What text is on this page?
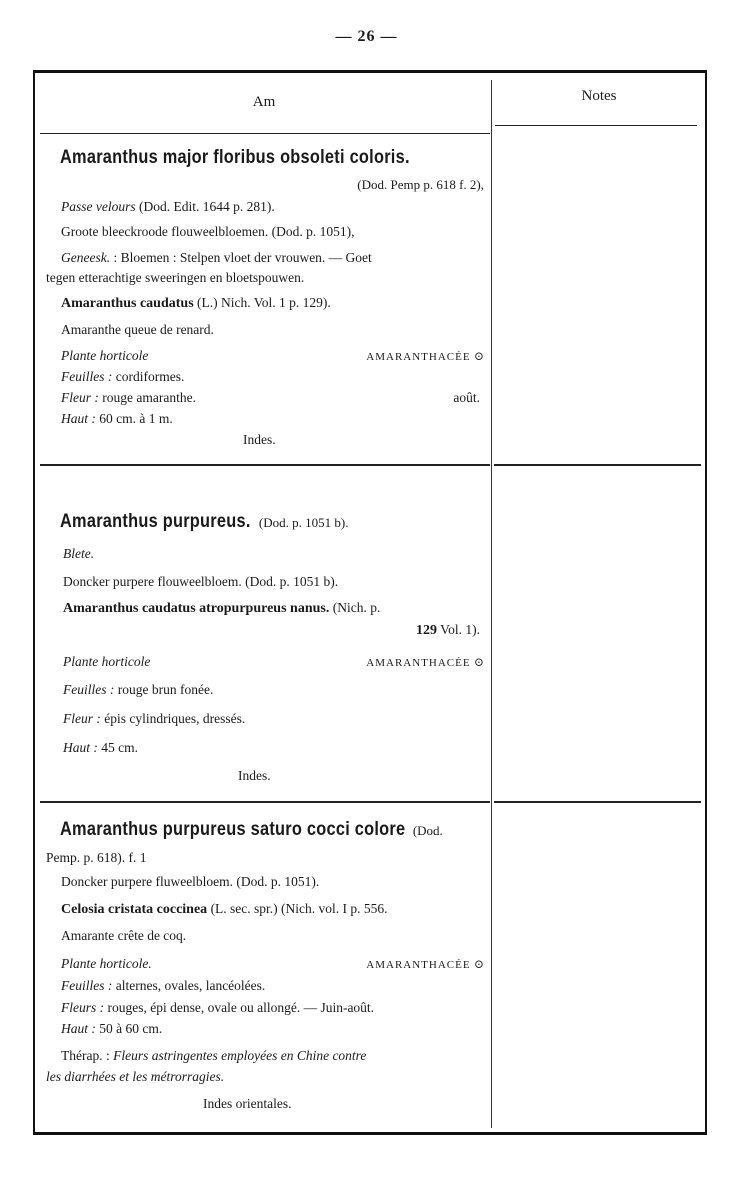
— 26 —
Am	Notes
Amaranthus major floribus obsoleti coloris.
(Dod. Pemp p. 618 f. 2),
Passe velours (Dod. Edit. 1644 p. 281).
Groote bleeckroode flouweelbloemen. (Dod. p. 1051),
Geneesk. : Bloemen : Stelpen vloet der vrouwen. — Goet
tegen etterachtige sweeringen en bloetspouwen.
Amaranthus caudatus (L.) Nich. Vol. 1 p. 129).
Amaranthe queue de renard.
Plante horticole	AMARANTHACÉE ⊙
Feuilles : cordiformes.
Fleur : rouge amaranthe.	août.
Haut : 60 cm. à 1 m.
Indes.
Amaranthus purpureus. (Dod. p. 1051 b).
Blete.
Doncker purpere flouweelbloem. (Dod. p. 1051 b).
Amaranthus caudatus atropurpureus nanus. (Nich. p.
129 Vol. 1).
Plante horticole	AMARANTHACÉE ⊙
Feuilles : rouge brun fonée.
Fleur : épis cylindriques, dressés.
Haut : 45 cm.
Indes.
Amaranthus purpureus saturo cocci colore (Dod.
Pemp. p. 618). f. 1
Doncker purpere fluweelbloem. (Dod. p. 1051).
Celosia cristata coccinea (L. sec. spr.) (Nich. vol. I p. 556.
Amarante crête de coq.
Plante horticole.	AMARANTHACÉE ⊙
Feuilles : alternes, ovales, lancéolées.
Fleurs : rouges, épi dense, ovale ou allongé. — Juin-août.
Haut : 50 à 60 cm.
Thérap. : Fleurs astringentes employées en Chine contre
les diarrhées et les métrorragies.
Indes orientales.
